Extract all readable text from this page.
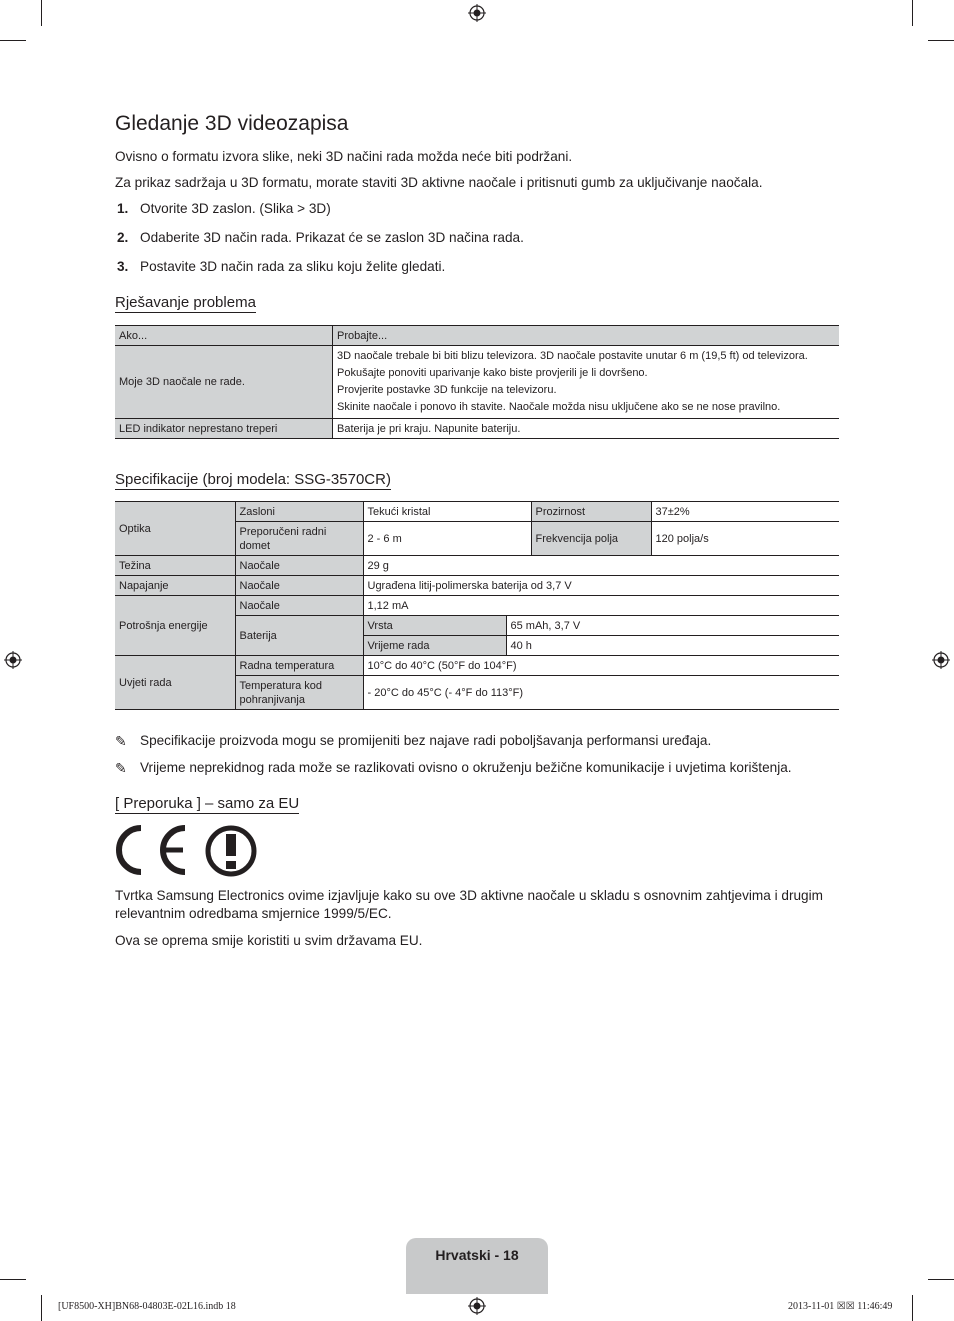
Gledanje 3D videozapisa

Ovisno o formatu izvora slike, neki 3D načini rada možda neće biti podržani.

Za prikaz sadržaja u 3D formatu, morate staviti 3D aktivne naočale i pritisnuti gumb za uključivanje naočala.

1. Otvorite 3D zaslon. (Slika > 3D)
2. Odaberite 3D način rada. Prikazat će se zaslon 3D načina rada.
3. Postavite 3D način rada za sliku koju želite gledati.
Rješavanje problema
Ako...	Probajte...
Moje 3D naočale ne rade.	3D naočale trebale bi biti blizu televizora. 3D naočale postavite unutar 6 m (19,5 ft) od televizora.
Pokušajte ponoviti uparivanje kako biste provjerili je li dovršeno.
Provjerite postavke 3D funkcije na televizoru.
Skinite naočale i ponovo ih stavite. Naočale možda nisu uključene ako se ne nose pravilno.

LED indikator neprestano treperi	Baterija je pri kraju. Napunite bateriju.
Specifikacije (broj modela: SSG-3570CR)
Optika	Zasloni	Tekući kristal		Prozirnost	37±2%
	Preporučeni radni domet	2 - 6 m		Frekvencija polja	120 polja/s
Težina	Naočale	29 g			
Napajanje	Naočale	Ugrađena litij-polimerska baterija od 3,7 V			
Potrošnja energije	Naočale	1,12 mA			
	Baterija	Vrsta	65 mAh, 3,7 V		
		Vrijeme rada	40 h		
Uvjeti rada	Radna temperatura	10°C do 40°C (50°F do 104°F)			
	Temperatura kod pohranjivanja	- 20°C do 45°C (- 4°F do 113°F)			
✎ Specifikacije proizvoda mogu se promijeniti bez najave radi poboljšavanja performansi uređaja.
✎ Vrijeme neprekidnog rada može se razlikovati ovisno o okruženju bežične komunikacije i uvjetima korištenja.
[ Preporuka ] – samo za EU

Tvrtka Samsung Electronics ovime izjavljuje kako su ove 3D aktivne naočale u skladu s osnovnim zahtjevima i drugim relevantnim odredbama smjernice 1999/5/EC.

Ova se oprema smije koristiti u svim državama EU.

Hrvatski - 18
[UF8500-XH]BN68-04803E-02L16.indb 18	2013-11-01 ☒☒ 11:46:49
